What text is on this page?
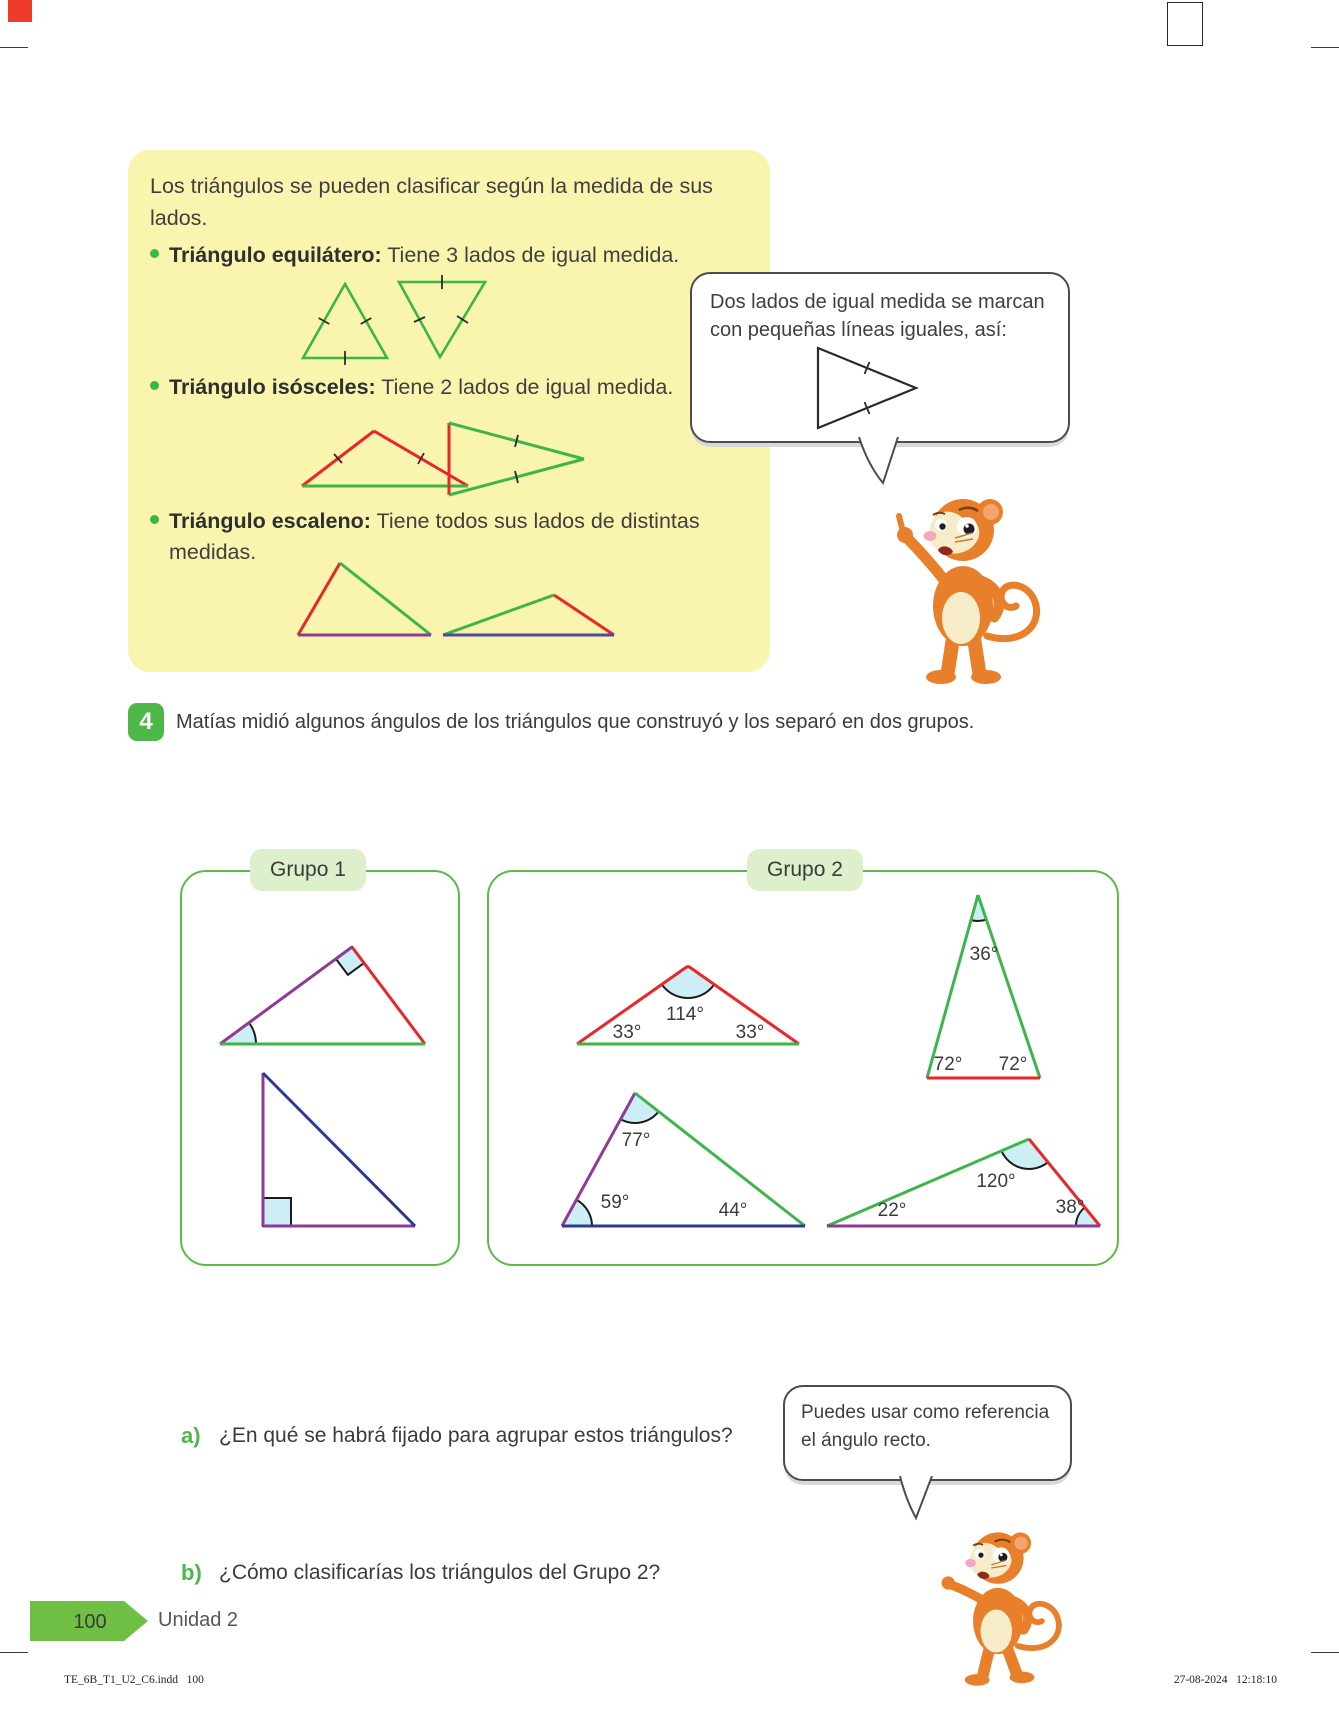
Los triángulos se pueden clasificar según la medida de sus lados.
Triángulo equilátero: Tiene 3 lados de igual medida.
Triángulo isósceles: Tiene 2 lados de igual medida.
Triángulo escaleno: Tiene todos sus lados de distintas medidas.
Dos lados de igual medida se marcan con pequeñas líneas iguales, así:
4 Matías midió algunos ángulos de los triángulos que construyó y los separó en dos grupos.
Grupo 1	Grupo 2
114°
33°	33°
36°
72° 72°
77°
59°	44°
120°
22°	38°
a) ¿En qué se habrá fijado para agrupar estos triángulos?
b) ¿Cómo clasificarías los triángulos del Grupo 2?
Puedes usar como referencia el ángulo recto.
100	Unidad 2
TE_6B_T1_U2_C6.indd   100	27-08-2024   12:18:10
